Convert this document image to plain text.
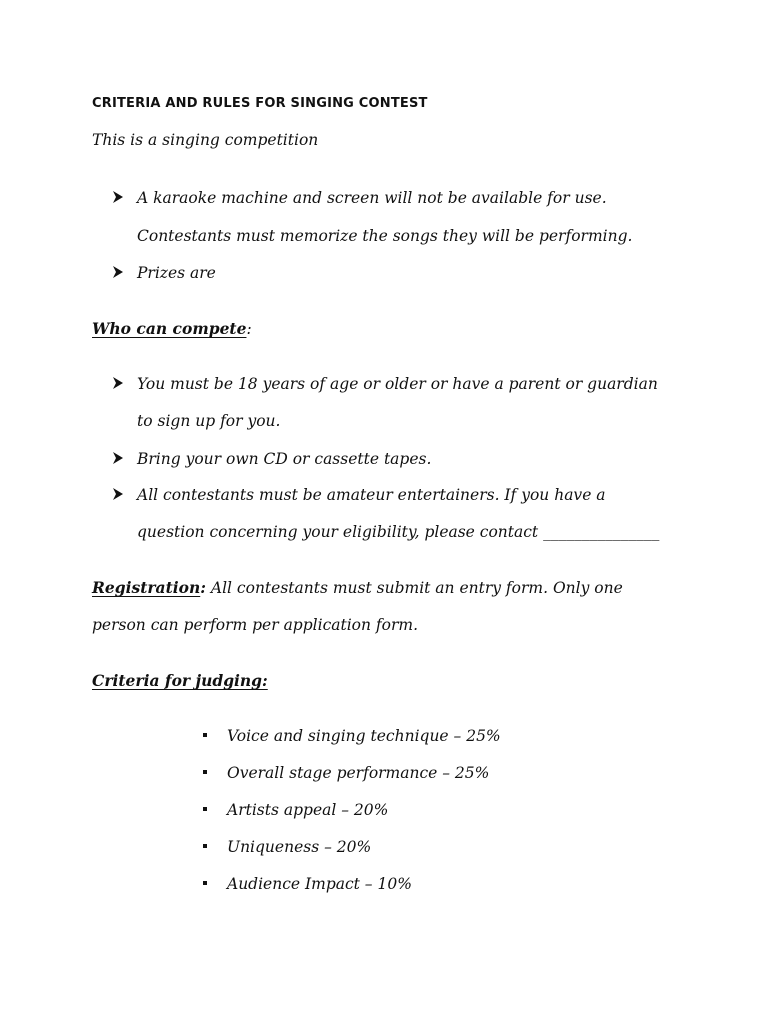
CRITERIA AND RULES FOR SINGING CONTEST

This is a singing competition

A karaoke machine and screen will not be available for use.
Contestants must memorize the songs they will be performing.
Prizes are

Who can compete:

You must be 18 years of age or older or have a parent or guardian
to sign up for you.
Bring your own CD or cassette tapes.
All contestants must be amateur entertainers. If you have a
question concerning your eligibility, please contact _______________

Registration: All contestants must submit an entry form. Only one

person can perform per application form.

Criteria for judging:

Voice and singing technique – 25%
Overall stage performance – 25%
Artists appeal – 20%
Uniqueness – 20%
Audience Impact – 10%
